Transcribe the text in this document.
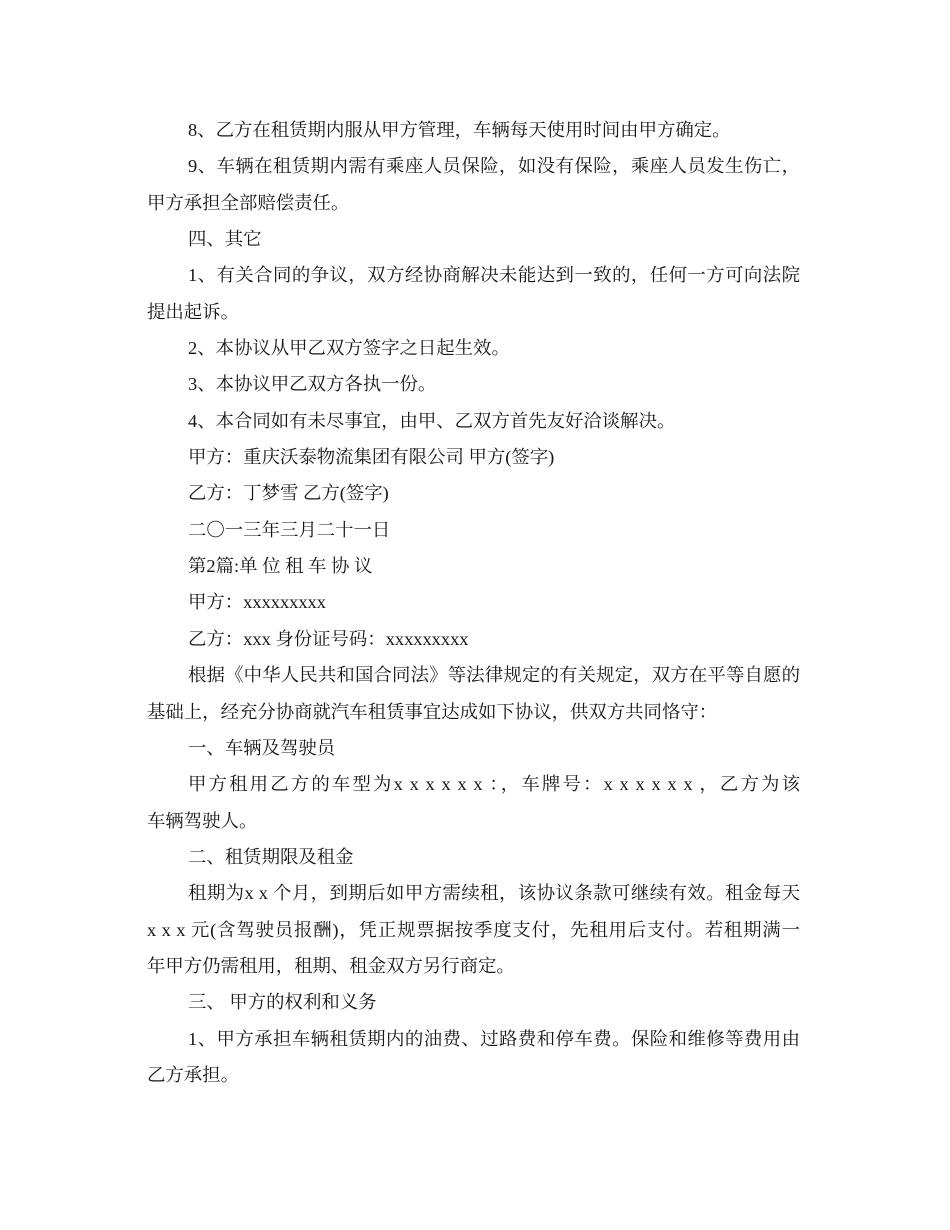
8、乙方在租赁期内服从甲方管理，车辆每天使用时间由甲方确定。
9、车辆在租赁期内需有乘座人员保险，如没有保险，乘座人员发生伤亡，
甲方承担全部赔偿责任。
四、其它
1、有关合同的争议，双方经协商解决未能达到一致的，任何一方可向法院
提出起诉。
2、本协议从甲乙双方签字之日起生效。
3、本协议甲乙双方各执一份。
4、本合同如有未尽事宜，由甲、乙双方首先友好洽谈解决。
甲方：重庆沃泰物流集团有限公司 甲方(签字)
乙方：丁梦雪 乙方(签字)
二〇一三年三月二十一日
第2篇:单 位 租 车 协 议
甲方：xxxxxxxxx
乙方：xxx 身份证号码：xxxxxxxxx
根据《中华人民共和国合同法》等法律规定的有关规定，双方在平等自愿的
基础上，经充分协商就汽车租赁事宜达成如下协议，供双方共同恪守：
一、车辆及驾驶员
甲方租用乙方的车型为x x x x x x ：，车牌号：x x x x x x ，乙方为该
车辆驾驶人。
二、租赁期限及租金
租期为x x 个月，到期后如甲方需续租，该协议条款可继续有效。租金每天
x x x 元(含驾驶员报酬)，凭正规票据按季度支付，先租用后支付。若租期满一
年甲方仍需租用，租期、租金双方另行商定。
三、 甲方的权利和义务
1、甲方承担车辆租赁期内的油费、过路费和停车费。保险和维修等费用由
乙方承担。
